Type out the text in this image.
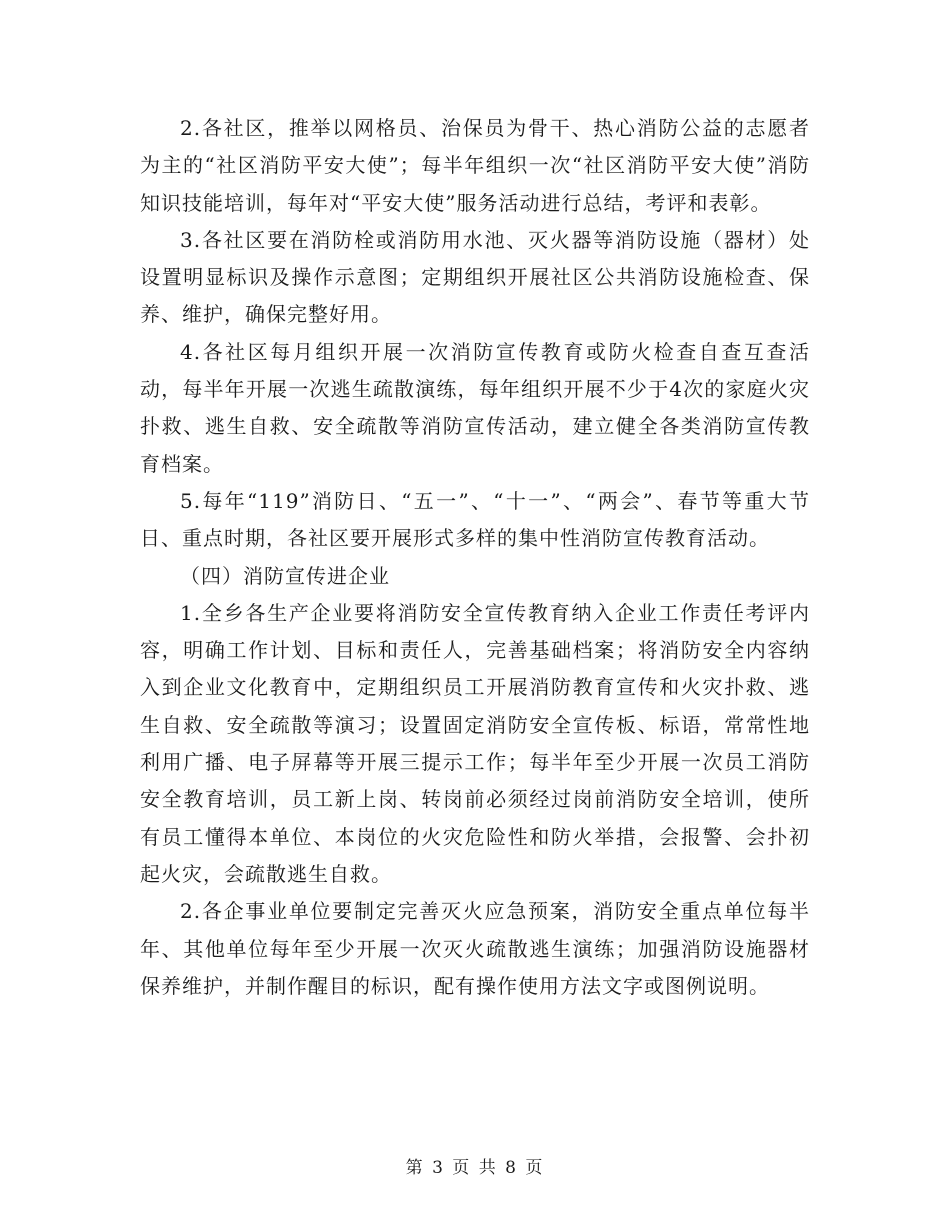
2.各社区，推举以网格员、治保员为骨干、热心消防公益的志愿者为主的“社区消防平安大使”；每半年组织一次“社区消防平安大使”消防知识技能培训，每年对“平安大使”服务活动进行总结，考评和表彰。

3.各社区要在消防栓或消防用水池、灭火器等消防设施（器材）处设置明显标识及操作示意图；定期组织开展社区公共消防设施检查、保养、维护，确保完整好用。

4.各社区每月组织开展一次消防宣传教育或防火检查自查互查活动，每半年开展一次逃生疏散演练，每年组织开展不少于4次的家庭火灾扑救、逃生自救、安全疏散等消防宣传活动，建立健全各类消防宣传教育档案。

5.每年“119”消防日、“五一”、“十一”、“两会”、春节等重大节日、重点时期，各社区要开展形式多样的集中性消防宣传教育活动。

（四）消防宣传进企业

1.全乡各生产企业要将消防安全宣传教育纳入企业工作责任考评内容，明确工作计划、目标和责任人，完善基础档案；将消防安全内容纳入到企业文化教育中，定期组织员工开展消防教育宣传和火灾扑救、逃生自救、安全疏散等演习；设置固定消防安全宣传板、标语，常常性地利用广播、电子屏幕等开展三提示工作；每半年至少开展一次员工消防安全教育培训，员工新上岗、转岗前必须经过岗前消防安全培训，使所有员工懂得本单位、本岗位的火灾危险性和防火举措，会报警、会扑初起火灾，会疏散逃生自救。

2.各企事业单位要制定完善灭火应急预案，消防安全重点单位每半年、其他单位每年至少开展一次灭火疏散逃生演练；加强消防设施器材保养维护，并制作醒目的标识，配有操作使用方法文字或图例说明。

第 3 页 共 8 页
